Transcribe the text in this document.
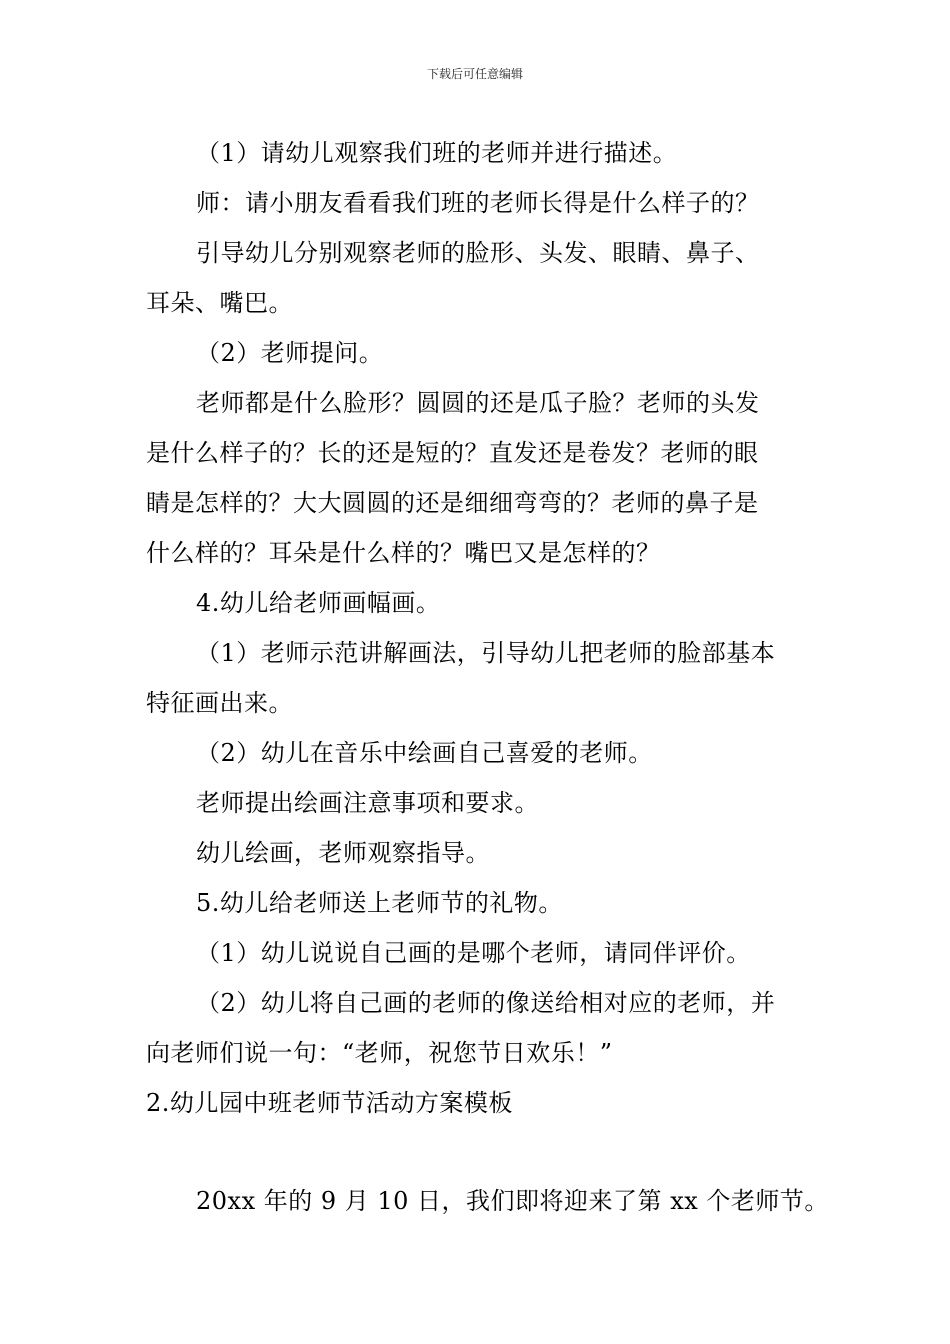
下载后可任意编辑
（1）请幼儿观察我们班的老师并进行描述。
师：请小朋友看看我们班的老师长得是什么样子的？
引导幼儿分别观察老师的脸形、头发、眼睛、鼻子、
耳朵、嘴巴。
（2）老师提问。
老师都是什么脸形？圆圆的还是瓜子脸？老师的头发
是什么样子的？长的还是短的？直发还是卷发？老师的眼
睛是怎样的？大大圆圆的还是细细弯弯的？老师的鼻子是
什么样的？耳朵是什么样的？嘴巴又是怎样的？
4.幼儿给老师画幅画。
（1）老师示范讲解画法，引导幼儿把老师的脸部基本
特征画出来。
（2）幼儿在音乐中绘画自己喜爱的老师。
老师提出绘画注意事项和要求。
幼儿绘画，老师观察指导。
5.幼儿给老师送上老师节的礼物。
（1）幼儿说说自己画的是哪个老师，请同伴评价。
（2）幼儿将自己画的老师的像送给相对应的老师，并
向老师们说一句：“老师，祝您节日欢乐！”
2.幼儿园中班老师节活动方案模板
20xx 年的 9 月 10 日，我们即将迎来了第 xx 个老师节。
